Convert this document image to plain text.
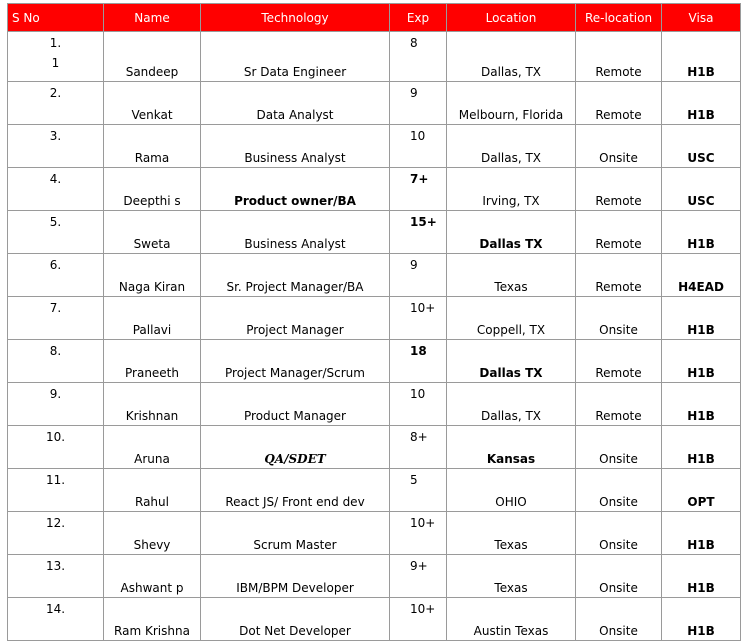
S No	Name	Technology	Exp	Location	Re-location	Visa

1.
1	Sandeep	Sr Data Engineer	8	Dallas, TX	Remote	H1B
2.	Venkat	Data Analyst	9	Melbourn, Florida	Remote	H1B
3.	Rama	Business Analyst	10	Dallas, TX	Onsite	USC
4.	Deepthi s	Product owner/BA	7+	Irving, TX	Remote	USC
5.	Sweta	Business Analyst	15+	Dallas TX	Remote	H1B
6.	Naga Kiran	Sr. Project Manager/BA	9	Texas	Remote	H4EAD
7.	Pallavi	Project Manager	10+	Coppell, TX	Onsite	H1B
8.	Praneeth	Project Manager/Scrum	18	Dallas TX	Remote	H1B
9.	Krishnan	Product Manager	10	Dallas, TX	Remote	H1B
10.	Aruna	QA/SDET	8+	Kansas	Onsite	H1B
11.	Rahul	React JS/ Front end dev	5	OHIO	Onsite	OPT
12.	Shevy	Scrum Master	10+	Texas	Onsite	H1B
13.	Ashwant p	IBM/BPM Developer	9+	Texas	Onsite	H1B
14.	Ram Krishna	Dot Net Developer	10+	Austin Texas	Onsite	H1B
